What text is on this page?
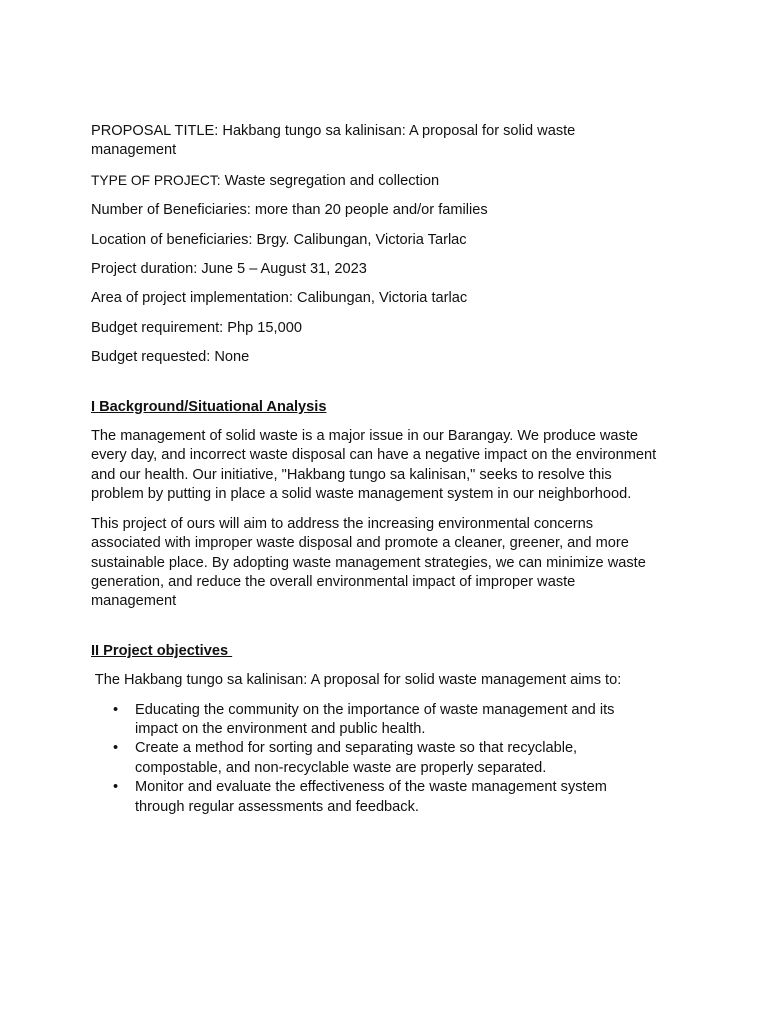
PROPOSAL TITLE: Hakbang tungo sa kalinisan: A proposal for solid waste
management
TYPE OF PROJECT: Waste segregation and collection
Number of Beneficiaries: more than 20 people and/or families
Location of beneficiaries: Brgy. Calibungan, Victoria Tarlac
Project duration: June 5 – August 31, 2023
Area of project implementation: Calibungan, Victoria tarlac
Budget requirement: Php 15,000
Budget requested: None
I Background/Situational Analysis
The management of solid waste is a major issue in our Barangay. We produce waste
every day, and incorrect waste disposal can have a negative impact on the environment
and our health. Our initiative, "Hakbang tungo sa kalinisan," seeks to resolve this
problem by putting in place a solid waste management system in our neighborhood.
This project of ours will aim to address the increasing environmental concerns
associated with improper waste disposal and promote a cleaner, greener, and more
sustainable place. By adopting waste management strategies, we can minimize waste
generation, and reduce the overall environmental impact of improper waste
management
II Project objectives
The Hakbang tungo sa kalinisan: A proposal for solid waste management aims to:
• Educating the community on the importance of waste management and its
impact on the environment and public health.
• Create a method for sorting and separating waste so that recyclable,
compostable, and non-recyclable waste are properly separated.
• Monitor and evaluate the effectiveness of the waste management system
through regular assessments and feedback.
